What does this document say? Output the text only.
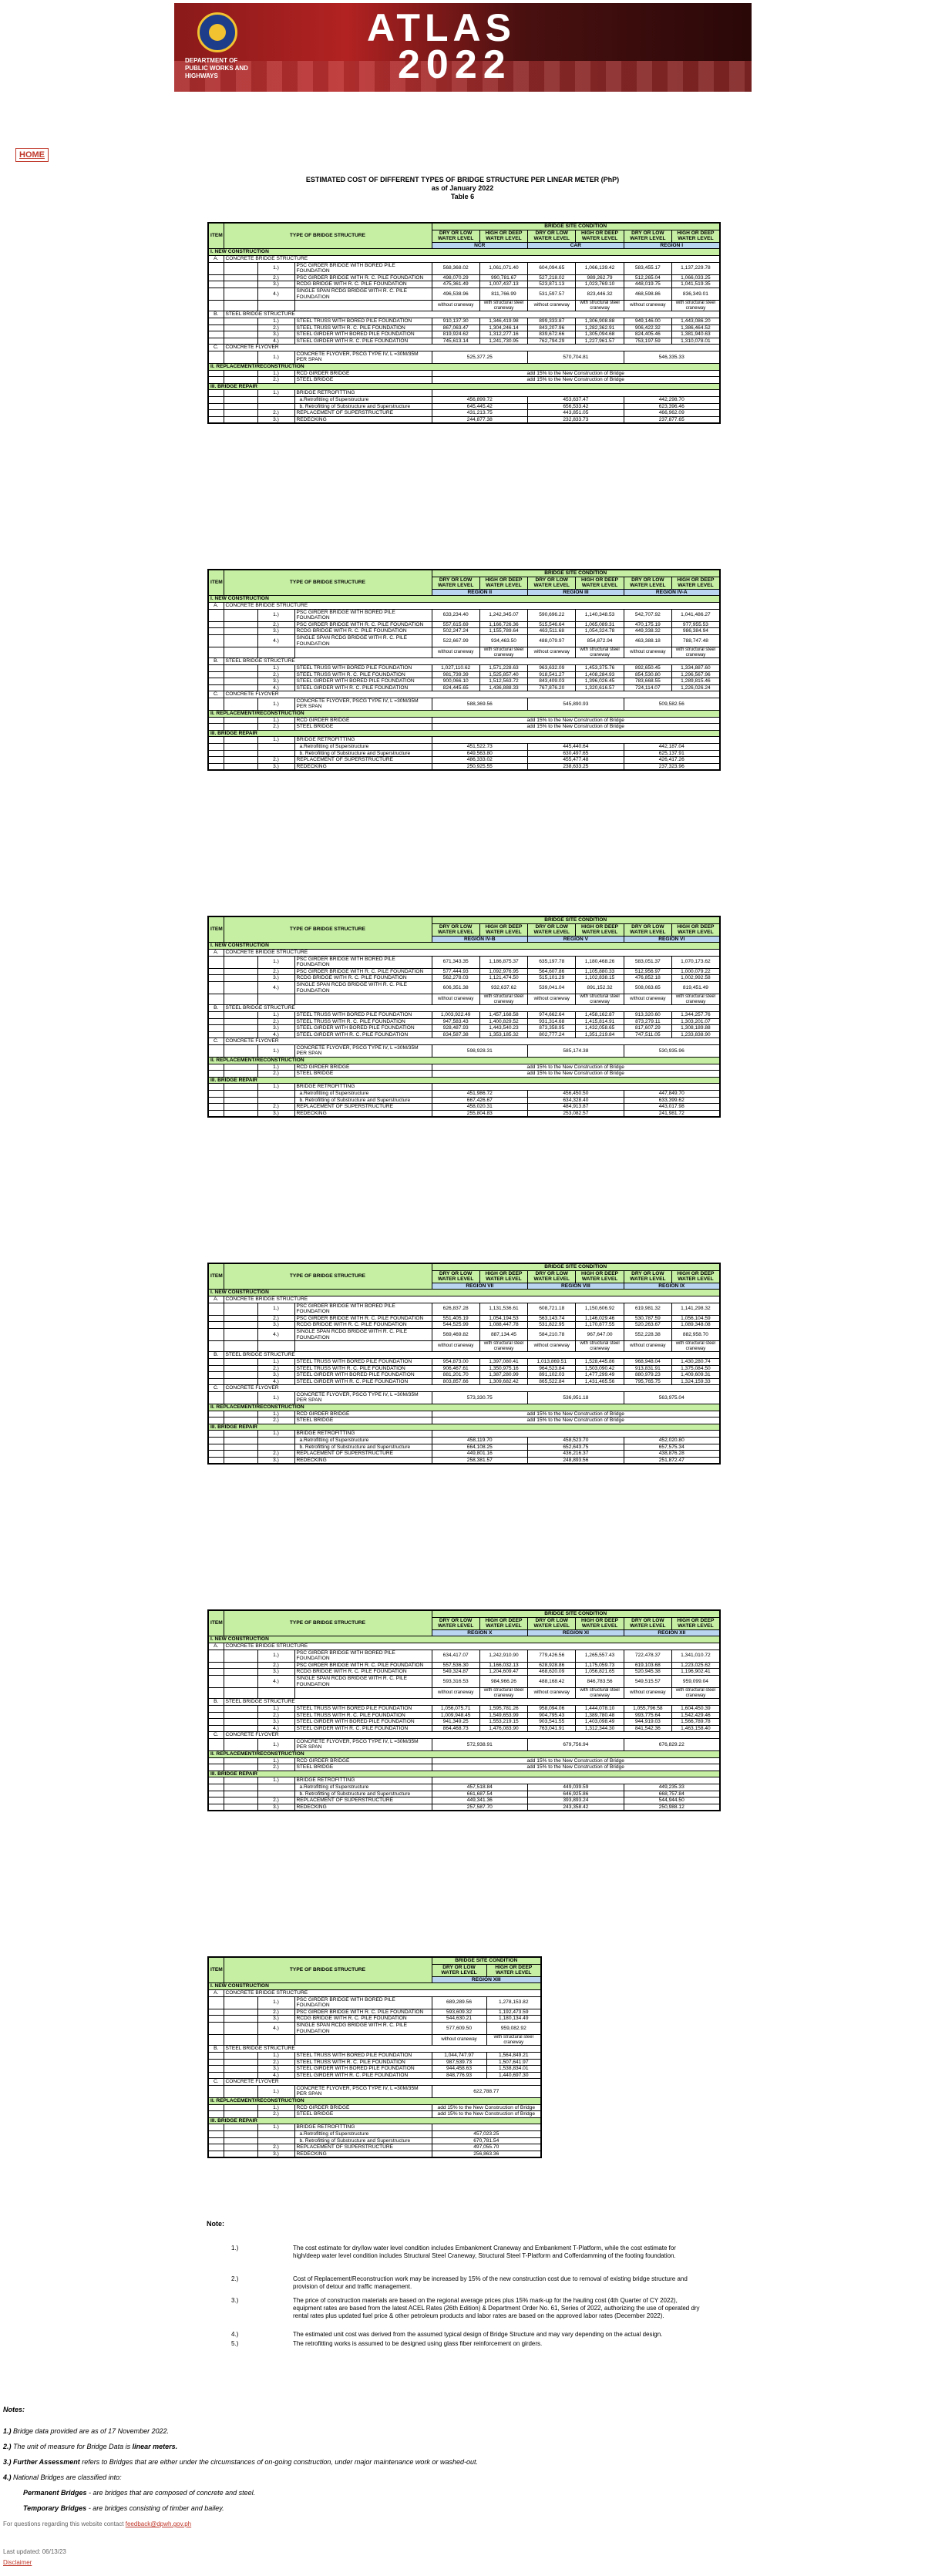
DEPARTMENT OF PUBLIC WORKS AND HIGHWAYS
ATLAS
2022
HOME
ESTIMATED COST OF DIFFERENT TYPES OF BRIDGE STRUCTURE PER LINEAR METER (PhP)
as of January 2022
Table 6
ITEM	TYPE OF BRIDGE STRUCTURE			BRIDGE SITE CONDITION					
				DRY OR LOW WATER LEVEL	HIGH OR DEEP WATER LEVEL	DRY OR LOW WATER LEVEL	HIGH OR DEEP WATER LEVEL	DRY OR LOW WATER LEVEL	HIGH OR DEEP WATER LEVEL
				NCR		CAR		REGION I	

I. NEW CONSTRUCTION									
A.	CONCRETE BRIDGE STRUCTURE								
		1.)	PSC GIRDER BRIDGE WITH BORED PILE FOUNDATION	568,368.02	1,061,071.40	604,094.65	1,066,139.42	583,455.17	1,137,229.78
		2.)	PSC GIRDER BRIDGE WITH R. C. PILE FOUNDATION	498,070.29	990,781.67	527,218.02	989,262.79	512,265.04	1,066,033.25
		3.)	RCDG BRIDGE WITH R. C. PILE FOUNDATION	475,361.49	1,007,437.13	523,871.13	1,023,769.10	448,019.75	1,041,519.35
		4.)	SINGLE SPAN RCDG BRIDGE WITH R. C. PILE FOUNDATION	496,538.96	811,766.99	531,597.57	823,446.32	468,598.86	836,349.01
				without craneway	with structural steel craneway	without craneway	with structural steel craneway	without craneway	with structural steel craneway
B.	STEEL BRIDGE STRUCTURE								
		1.)	STEEL TRUSS WITH BORED PILE FOUNDATION	910,137.30	1,346,419.98	899,333.87	1,306,908.88	949,146.00	1,443,086.20
		2.)	STEEL TRUSS WITH R. C. PILE FOUNDATION	867,063.47	1,304,246.14	843,207.96	1,282,362.91	906,422.32	1,386,464.52
		3.)	STEEL GIRDER WITH BORED PILE FOUNDATION	819,924.62	1,312,277.16	839,672.66	1,305,094.68	824,405.46	1,381,940.63
		4.)	STEEL GIRDER WITH R. C. PILE FOUNDATION	745,613.14	1,241,730.95	762,794.29	1,227,961.57	753,197.59	1,310,078.01
C.	CONCRETE FLYOVER								
		1.)	CONCRETE FLYOVER, PSCG TYPE IV, L =30M/35M PER SPAN	525,377.25		570,704.81		546,335.33	
II. REPLACEMENT/RECONSTRUCTION									
		1.)	RCD GIRDER BRIDGE	add 15% to the New Construction of Bridge					
		2.)	STEEL BRIDGE	add 15% to the New Construction of Bridge					
III. BRIDGE REPAIR									
		1.)	BRIDGE RETROFITTING						
			a.Retrofitting of Superstructure	456,899.72		453,637.47		442,298.70	
			b. Retrofitting of Substructure and Superstructure	645,445.42		656,533.42		623,396.46	
		2.)	REPLACEMENT OF SUPERSTRUCTURE	431,213.75		443,851.05		466,962.09	
		3.)	REDECKING	244,877.38		232,833.73		237,877.65	
ITEM	TYPE OF BRIDGE STRUCTURE			BRIDGE SITE CONDITION					
				DRY OR LOW WATER LEVEL	HIGH OR DEEP WATER LEVEL	DRY OR LOW WATER LEVEL	HIGH OR DEEP WATER LEVEL	DRY OR LOW WATER LEVEL	HIGH OR DEEP WATER LEVEL
				REGION II		REGION III		REGION IV-A	

I. NEW CONSTRUCTION									
A.	CONCRETE BRIDGE STRUCTURE								
		1.)	PSC GIRDER BRIDGE WITH BORED PILE FOUNDATION	633,234.40	1,242,345.07	590,696.22	1,140,348.53	542,707.92	1,041,486.27
		2.)	PSC GIRDER BRIDGE WITH R. C. PILE FOUNDATION	557,615.69	1,166,726.36	515,546.64	1,065,089.31	470,175.19	977,955.53
		3.)	RCDG BRIDGE WITH R. C. PILE FOUNDATION	502,247.24	1,155,789.64	463,511.68	1,054,324.78	449,338.32	986,384.94
		4.)	SINGLE SPAN RCDG BRIDGE WITH R. C. PILE FOUNDATION	522,667.99	934,463.50	488,079.97	854,872.94	463,388.18	788,747.48
				without craneway	with structural steel craneway	without craneway	with structural steel craneway	without craneway	with structural steel craneway
B.	STEEL BRIDGE STRUCTURE								
		1.)	STEEL TRUSS WITH BORED PILE FOUNDATION	1,027,110.62	1,571,228.63	963,632.09	1,453,375.76	892,650.45	1,334,887.60
		2.)	STEEL TRUSS WITH R. C. PILE FOUNDATION	981,739.39	1,525,857.40	918,541.27	1,408,284.93	854,530.80	1,296,567.96
		3.)	STEEL GIRDER WITH BORED PILE FOUNDATION	900,066.10	1,512,563.72	843,409.03	1,396,026.45	783,668.55	1,289,815.46
		4.)	STEEL GIRDER WITH R. C. PILE FOUNDATION	824,445.65	1,436,888.33	767,876.20	1,320,616.57	724,114.07	1,226,026.24
C.	CONCRETE FLYOVER								
		1.)	CONCRETE FLYOVER, PSCG TYPE IV, L =30M/35M PER SPAN	588,369.56		545,890.93		509,582.56	
II. REPLACEMENT/RECONSTRUCTION									
		1.)	RCD GIRDER BRIDGE	add 15% to the New Construction of Bridge					
		2.)	STEEL BRIDGE	add 15% to the New Construction of Bridge					
III. BRIDGE REPAIR									
		1.)	BRIDGE RETROFITTING						
			a.Retrofitting of Superstructure	451,522.73		445,440.64		442,187.04	
			b. Retrofitting of Substructure and Superstructure	649,563.80		630,497.65		625,137.91	
		2.)	REPLACEMENT OF SUPERSTRUCTURE	486,333.02		455,477.48		426,417.26	
		3.)	REDECKING	250,925.55		238,633.25		237,323.96	
ITEM	TYPE OF BRIDGE STRUCTURE			BRIDGE SITE CONDITION					
				DRY OR LOW WATER LEVEL	HIGH OR DEEP WATER LEVEL	DRY OR LOW WATER LEVEL	HIGH OR DEEP WATER LEVEL	DRY OR LOW WATER LEVEL	HIGH OR DEEP WATER LEVEL
				REGION IV-B		REGION V		REGION VI	

I. NEW CONSTRUCTION									
A.	CONCRETE BRIDGE STRUCTURE								
		1.)	PSC GIRDER BRIDGE WITH BORED PILE FOUNDATION	671,343.35	1,186,875.37	635,197.78	1,180,468.26	583,051.37	1,070,173.62
		2.)	PSC GIRDER BRIDGE WITH R. C. PILE FOUNDATION	577,444.93	1,092,976.95	564,607.86	1,105,880.33	512,956.97	1,000,079.22
		3.)	RCDG BRIDGE WITH R. C. PILE FOUNDATION	562,278.03	1,121,474.50	515,101.29	1,102,838.15	476,852.18	1,002,992.58
		4.)	SINGLE SPAN RCDG BRIDGE WITH R. C. PILE FOUNDATION	606,351.38	932,637.62	539,041.04	891,152.32	508,063.65	819,451.49
				without craneway	with structural steel craneway	without craneway	with structural steel craneway	without craneway	with structural steel craneway
B.	STEEL BRIDGE STRUCTURE								
		1.)	STEEL TRUSS WITH BORED PILE FOUNDATION	1,003,922.49	1,457,168.58	974,662.64	1,458,162.87	913,320.60	1,344,257.76
		2.)	STEEL TRUSS WITH R. C. PILE FOUNDATION	947,583.43	1,400,829.52	931,314.68	1,415,814.91	873,279.11	1,303,201.07
		3.)	STEEL GIRDER WITH BORED PILE FOUNDATION	928,487.93	1,443,540.23	873,358.95	1,432,058.65	817,607.29	1,308,189.88
		4.)	STEEL GIRDER WITH R. C. PILE FOUNDATION	834,587.38	1,353,185.32	802,777.24	1,351,219.84	747,511.05	1,233,838.90
C.	CONCRETE FLYOVER								
		1.)	CONCRETE FLYOVER, PSCG TYPE IV, L =30M/35M PER SPAN	598,928.31		585,174.38		530,935.96	
II. REPLACEMENT/RECONSTRUCTION									
		1.)	RCD GIRDER BRIDGE	add 15% to the New Construction of Bridge					
		2.)	STEEL BRIDGE	add 15% to the New Construction of Bridge					
III. BRIDGE REPAIR									
		1.)	BRIDGE RETROFITTING						
			a.Retrofitting of Superstructure	451,986.72		456,450.50		447,849.70	
			b. Retrofitting of Substructure and Superstructure	667,426.67		634,328.40		633,399.62	
		2.)	REPLACEMENT OF SUPERSTRUCTURE	458,020.31		484,913.87		443,017.98	
		3.)	REDECKING	255,804.83		253,082.57		241,981.72	
ITEM	TYPE OF BRIDGE STRUCTURE			BRIDGE SITE CONDITION					
				DRY OR LOW WATER LEVEL	HIGH OR DEEP WATER LEVEL	DRY OR LOW WATER LEVEL	HIGH OR DEEP WATER LEVEL	DRY OR LOW WATER LEVEL	HIGH OR DEEP WATER LEVEL
				REGION VII		REGION VIII		REGION IX	

I. NEW CONSTRUCTION									
A.	CONCRETE BRIDGE STRUCTURE								
		1.)	PSC GIRDER BRIDGE WITH BORED PILE FOUNDATION	626,837.28	1,131,536.61	608,721.18	1,150,606.92	619,981.32	1,141,298.32
		2.)	PSC GIRDER BRIDGE WITH R. C. PILE FOUNDATION	551,405.19	1,054,194.53	563,143.74	1,146,029.46	530,787.59	1,056,104.59
		3.)	RCDG BRIDGE WITH R. C. PILE FOUNDATION	544,525.99	1,088,447.78	531,822.95	1,170,877.55	520,263.67	1,089,348.08
		4.)	SINGLE SPAN RCDG BRIDGE WITH R. C. PILE FOUNDATION	569,469.82	887,134.45	584,210.78	967,647.00	552,228.38	882,958.70
				without craneway	with structural steel craneway	without craneway	with structural steel craneway	without craneway	with structural steel craneway
B.	STEEL BRIDGE STRUCTURE								
		1.)	STEEL TRUSS WITH BORED PILE FOUNDATION	954,873.00	1,397,080.41	1,013,869.51	1,528,445.86	968,948.04	1,430,280.74
		2.)	STEEL TRUSS WITH R. C. PILE FOUNDATION	906,467.61	1,350,975.16	964,523.84	1,503,090.42	913,831.91	1,375,084.50
		3.)	STEEL GIRDER WITH BORED PILE FOUNDATION	881,201.70	1,387,280.99	891,102.03	1,477,299.49	880,979.23	1,409,609.31
		4.)	STEEL GIRDER WITH R. C. PILE FOUNDATION	803,857.66	1,309,682.42	865,522.84	1,431,465.56	795,765.75	1,324,159.33
C.	CONCRETE FLYOVER								
		1.)	CONCRETE FLYOVER, PSCG TYPE IV, L =30M/35M PER SPAN	573,330.75		536,951.18		563,975.04	
II. REPLACEMENT/RECONSTRUCTION									
		1.)	RCD GIRDER BRIDGE	add 15% to the New Construction of Bridge					
		2.)	STEEL BRIDGE	add 15% to the New Construction of Bridge					
III. BRIDGE REPAIR									
		1.)	BRIDGE RETROFITTING						
			a.Retrofitting of Superstructure	458,119.70		458,523.70		452,020.80	
			b. Retrofitting of Substructure and Superstructure	664,108.25		652,643.75		657,575.34	
		2.)	REPLACEMENT OF SUPERSTRUCTURE	449,801.16		436,216.37		438,876.28	
		3.)	REDECKING	258,381.57		248,893.56		251,872.47	
ITEM	TYPE OF BRIDGE STRUCTURE			BRIDGE SITE CONDITION					
				DRY OR LOW WATER LEVEL	HIGH OR DEEP WATER LEVEL	DRY OR LOW WATER LEVEL	HIGH OR DEEP WATER LEVEL	DRY OR LOW WATER LEVEL	HIGH OR DEEP WATER LEVEL
				REGION X		REGION XI		REGION XII	

I. NEW CONSTRUCTION									
A.	CONCRETE BRIDGE STRUCTURE								
		1.)	PSC GIRDER BRIDGE WITH BORED PILE FOUNDATION	634,417.07	1,242,910.90	779,426.56	1,265,557.43	722,478.37	1,341,010.72
		2.)	PSC GIRDER BRIDGE WITH R. C. PILE FOUNDATION	557,536.30	1,166,032.13	628,928.86	1,175,059.73	619,103.68	1,223,025.62
		3.)	RCDG BRIDGE WITH R. C. PILE FOUNDATION	549,324.87	1,204,609.47	468,620.09	1,056,821.65	520,945.38	1,196,902.41
		4.)	SINGLE SPAN RCDG BRIDGE WITH R. C. PILE FOUNDATION	593,316.53	984,966.26	488,168.42	846,783.56	549,515.57	959,099.04
				without craneway	with structural steel craneway	without craneway	with structural steel craneway	without craneway	with structural steel craneway
B.	STEEL BRIDGE STRUCTURE								
		1.)	STEEL TRUSS WITH BORED PILE FOUNDATION	1,056,075.71	1,595,781.26	958,094.06	1,444,078.10	1,055,796.58	1,604,450.39
		2.)	STEEL TRUSS WITH R. C. PILE FOUNDATION	1,009,948.45	1,549,653.99	904,795.43	1,389,780.48	993,775.64	1,542,429.46
		3.)	STEEL GIRDER WITH BORED PILE FOUNDATION	941,349.25	1,553,219.15	903,541.55	1,403,098.49	944,919.03	1,566,789.78
		4.)	STEEL GIRDER WITH R. C. PILE FOUNDATION	864,468.73	1,476,083.90	763,041.91	1,312,344.30	841,542.36	1,463,158.40
C.	CONCRETE FLYOVER								
		1.)	CONCRETE FLYOVER, PSCG TYPE IV, L =30M/35M PER SPAN	572,938.91		679,756.94		676,829.22	
II. REPLACEMENT/RECONSTRUCTION									
		1.)	RCD GIRDER BRIDGE	add 15% to the New Construction of Bridge					
		2.)	STEEL BRIDGE	add 15% to the New Construction of Bridge					
III. BRIDGE REPAIR									
		1.)	BRIDGE RETROFITTING						
			a.Retrofitting of Superstructure	457,518.84		449,039.59		449,235.33	
			b. Retrofitting of Substructure and Superstructure	661,687.54		646,925.86		668,757.84	
		2.)	REPLACEMENT OF SUPERSTRUCTURE	449,341.36		393,893.24		544,944.50	
		3.)	REDECKING	257,587.70		243,358.42		250,988.12	
ITEM	TYPE OF BRIDGE STRUCTURE			BRIDGE SITE CONDITION	
				DRY OR LOW WATER LEVEL	HIGH OR DEEP WATER LEVEL
				REGION XIII	

I. NEW CONSTRUCTION					
A.	CONCRETE BRIDGE STRUCTURE				
		1.)	PSC GIRDER BRIDGE WITH BORED PILE FOUNDATION	689,289.56	1,278,153.82
		2.)	PSC GIRDER BRIDGE WITH R. C. PILE FOUNDATION	593,609.32	1,192,473.59
		3.)	RCDG BRIDGE WITH R. C. PILE FOUNDATION	544,630.21	1,180,134.49
		4.)	SINGLE SPAN RCDG BRIDGE WITH R. C. PILE FOUNDATION	577,609.50	959,082.92
				without craneway	with structural steel craneway
B.	STEEL BRIDGE STRUCTURE				
		1.)	STEEL TRUSS WITH BORED PILE FOUNDATION	1,044,747.97	1,564,849.21
		2.)	STEEL TRUSS WITH R. C. PILE FOUNDATION	987,539.73	1,507,641.97
		3.)	STEEL GIRDER WITH BORED PILE FOUNDATION	944,458.63	1,538,834.01
		4.)	STEEL GIRDER WITH R. C. PILE FOUNDATION	848,776.93	1,440,697.30
C.	CONCRETE FLYOVER				
		1.)	CONCRETE FLYOVER, PSCG TYPE IV, L =30M/35M PER SPAN	622,788.77	
II. REPLACEMENT/RECONSTRUCTION					
		1.)	RCD GIRDER BRIDGE	add 15% to the New Construction of Bridge	
		2.)	STEEL BRIDGE	add 15% to the New Construction of Bridge	
III. BRIDGE REPAIR					
		1.)	BRIDGE RETROFITTING		
			a.Retrofitting of Superstructure	457,023.25	
			b. Retrofitting of Substructure and Superstructure	670,781.54	
		2.)	REPLACEMENT OF SUPERSTRUCTURE	497,055.70	
		3.)	REDECKING	256,863.36	
Note:
1.)	The cost estimate for dry/low water level condition includes Embankment Craneway and Embankment T-Platform, while the cost estimate for high/deep water level condition includes Structural Steel Craneway, Structural Steel T-Platform and Cofferdamming of the footing foundation.
2.)	Cost of Replacement/Reconstruction work may be increased by 15% of the new construction cost due to removal of existing bridge structure and provision of detour and traffic management.
3.)	The price of construction materials are based on the regional average prices plus 15% mark-up for the hauling cost (4th Quarter of CY 2022), equipment rates are based from the latest ACEL Rates (26th Edition) & Department Order No. 61, Series of 2022, authorizing the use of operated dry rental rates plus updated fuel price & other petroleum products and labor rates are based on the approved labor rates (December 2022).
4.)	The estimated unit cost was derived from the assumed typical design of Bridge Structure and may vary depending on the actual design.
5.)	The retrofitting works is assumed to be designed using glass fiber reinforcement on girders.
Notes:
1.) Bridge data provided are as of 17 November 2022.
2.) The unit of measure for Bridge Data is linear meters.
3.) Further Assessment refers to Bridges that are either under the circumstances of on-going construction, under major maintenance work or washed-out.
4.) National Bridges are classified into:
Permanent Bridges - are bridges that are composed of concrete and steel.
Temporary Bridges - are bridges consisting of timber and bailey.
For questions regarding this website contact feedback@dpwh.gov.ph
Last updated: 06/13/23
Disclaimer
